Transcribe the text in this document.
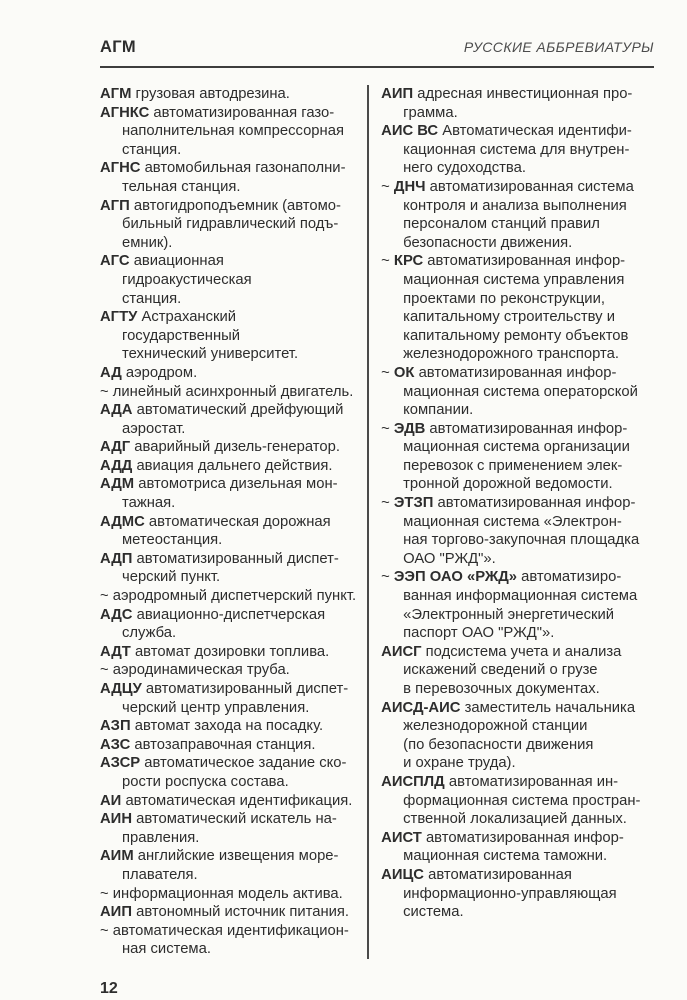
АГМ	РУССКИЕ АББРЕВИАТУРЫ
АГМ грузовая автодрезина.
АГНКС автоматизированная газо-
наполнительная компрессорная
станция.
АГНС автомобильная газонаполни-
тельная станция.
АГП автогидроподъемник (автомо-
бильный гидравлический подъ-
емник).
АГС авиационная гидроакустическая
станция.
АГТУ Астраханский государственный
технический университет.
АД аэродром.
~ линейный асинхронный двигатель.
АДА автоматический дрейфующий
аэростат.
АДГ аварийный дизель-генератор.
АДД авиация дальнего действия.
АДМ автомотриса дизельная мон-
тажная.
АДМС автоматическая дорожная
метеостанция.
АДП автоматизированный диспет-
черский пункт.
~ аэродромный диспетчерский пункт.
АДС авиационно-диспетчерская
служба.
АДТ автомат дозировки топлива.
~ аэродинамическая труба.
АДЦУ автоматизированный диспет-
черский центр управления.
АЗП автомат захода на посадку.
АЗС автозаправочная станция.
АЗСР автоматическое задание ско-
рости роспуска состава.
АИ автоматическая идентификация.
АИН автоматический искатель на-
правления.
АИМ английские извещения море-
плавателя.
~ информационная модель актива.
АИП автономный источник питания.
~ автоматическая идентификацион-
ная система.
АИП адресная инвестиционная про-
грамма.
АИС ВС Автоматическая идентифи-
кационная система для внутрен-
него судоходства.
~ ДНЧ автоматизированная система
контроля и анализа выполнения
персоналом станций правил
безопасности движения.
~ КРС автоматизированная инфор-
мационная система управления
проектами по реконструкции,
капитальному строительству и
капитальному ремонту объектов
железнодорожного транспорта.
~ ОК автоматизированная инфор-
мационная система операторской
компании.
~ ЭДВ автоматизированная инфор-
мационная система организации
перевозок с применением элек-
тронной дорожной ведомости.
~ ЭТЗП автоматизированная инфор-
мационная система «Электрон-
ная торгово-закупочная площадка
ОАО "РЖД"».
~ ЭЭП ОАО «РЖД» автоматизиро-
ванная информационная система
«Электронный энергетический
паспорт ОАО "РЖД"».
АИСГ подсистема учета и анализа
искажений сведений о грузе
в перевозочных документах.
АИСД-АИС заместитель начальника
железнодорожной станции
(по безопасности движения
и охране труда).
АИСПЛД автоматизированная ин-
формационная система простран-
ственной локализацией данных.
АИСТ автоматизированная инфор-
мационная система таможни.
АИЦС автоматизированная
информационно-управляющая
система.
12
